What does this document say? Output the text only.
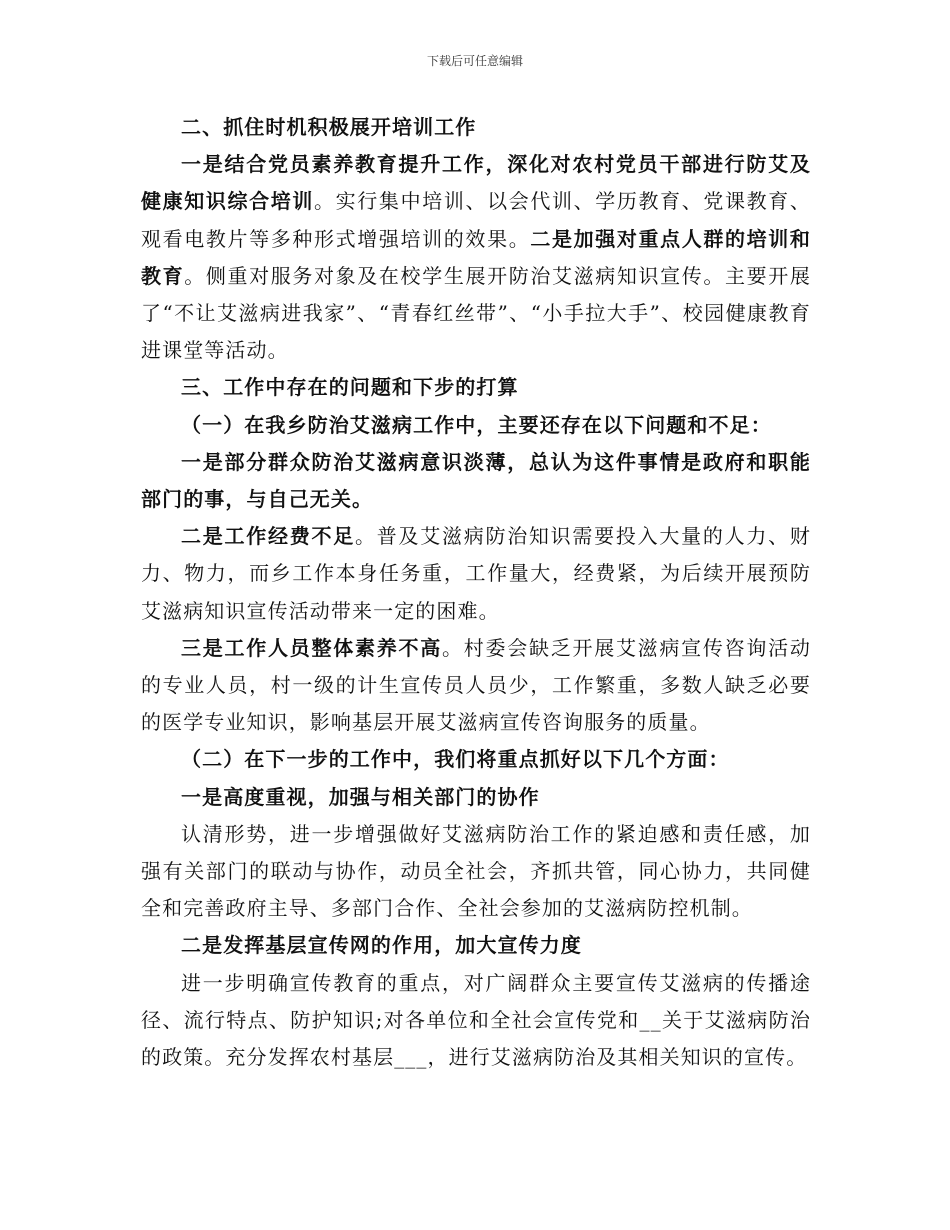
下载后可任意编辑

二、抓住时机积极展开培训工作

一是结合党员素养教育提升工作，深化对农村党员干部进行防艾及健康知识综合培训。实行集中培训、以会代训、学历教育、党课教育、观看电教片等多种形式增强培训的效果。二是加强对重点人群的培训和教育。侧重对服务对象及在校学生展开防治艾滋病知识宣传。主要开展了“不让艾滋病进我家”、“青春红丝带”、“小手拉大手”、校园健康教育进课堂等活动。

三、工作中存在的问题和下步的打算

（一）在我乡防治艾滋病工作中，主要还存在以下问题和不足：

一是部分群众防治艾滋病意识淡薄，总认为这件事情是政府和职能部门的事，与自己无关。

二是工作经费不足。普及艾滋病防治知识需要投入大量的人力、财力、物力，而乡工作本身任务重，工作量大，经费紧，为后续开展预防艾滋病知识宣传活动带来一定的困难。

三是工作人员整体素养不高。村委会缺乏开展艾滋病宣传咨询活动的专业人员，村一级的计生宣传员人员少，工作繁重，多数人缺乏必要的医学专业知识，影响基层开展艾滋病宣传咨询服务的质量。

（二）在下一步的工作中，我们将重点抓好以下几个方面：

一是高度重视，加强与相关部门的协作

认清形势，进一步增强做好艾滋病防治工作的紧迫感和责任感，加强有关部门的联动与协作，动员全社会，齐抓共管，同心协力，共同健全和完善政府主导、多部门合作、全社会参加的艾滋病防控机制。

二是发挥基层宣传网的作用，加大宣传力度

进一步明确宣传教育的重点，对广阔群众主要宣传艾滋病的传播途径、流行特点、防护知识;对各单位和全社会宣传党和__关于艾滋病防治的政策。充分发挥农村基层___，进行艾滋病防治及其相关知识的宣传。
